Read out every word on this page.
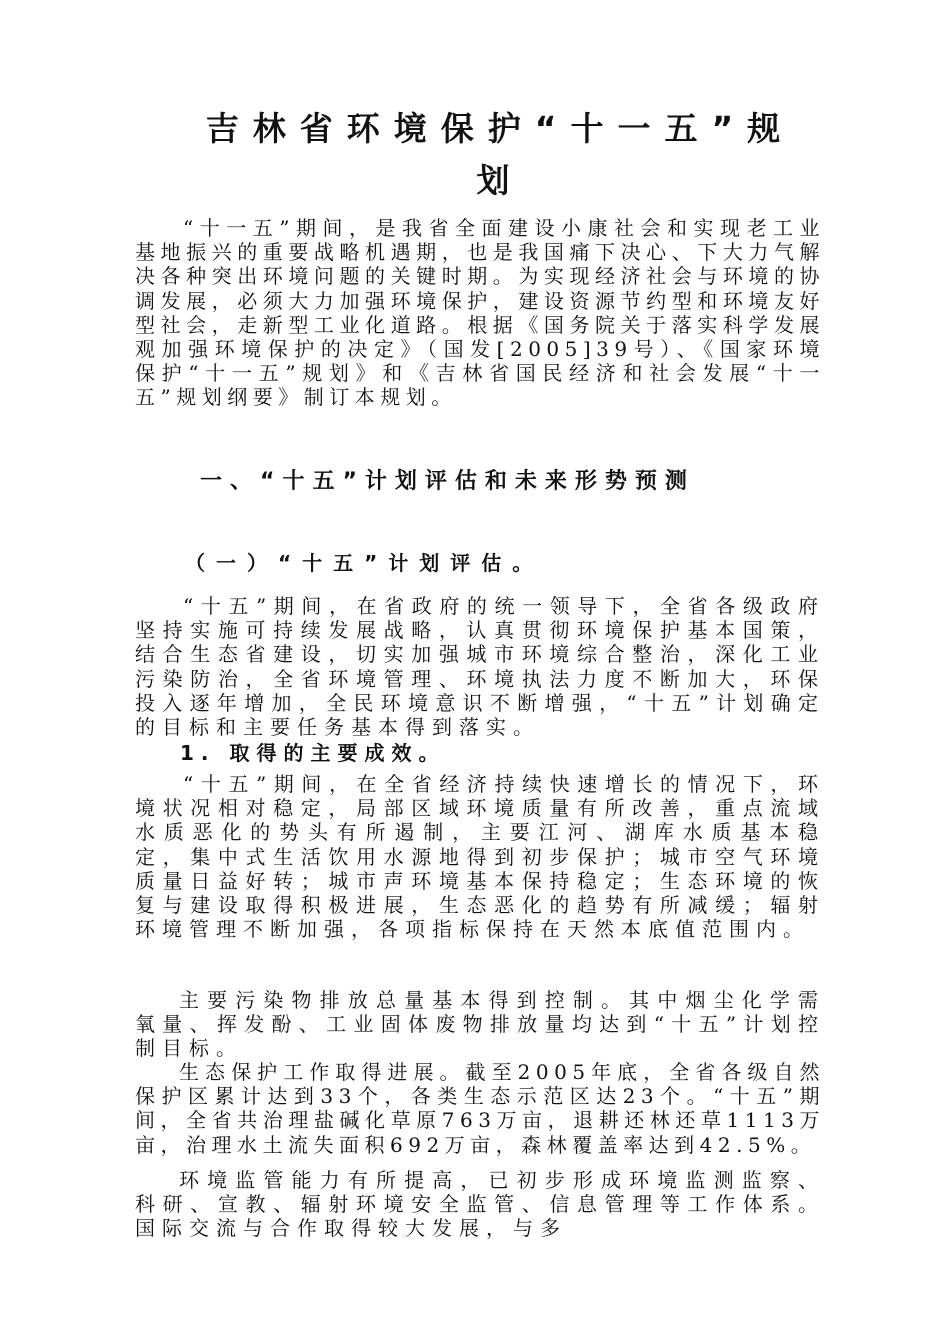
吉林省环境保护“十一五”规
划

“十一五”期间，是我省全面建设小康社会和实现老工业基地振兴的重要战略机遇期，也是我国痛下决心、下大力气解决各种突出环境问题的关键时期。为实现经济社会与环境的协调发展，必须大力加强环境保护，建设资源节约型和环境友好型社会，走新型工业化道路。根据《国务院关于落实科学发展观加强环境保护的决定》（国发[2005]39号）、《国家环境保护“十一五”规划》和《吉林省国民经济和社会发展“十一五”规划纲要》制订本规划。

一、“十五”计划评估和未来形势预测
（一）“十五”计划评估。

“十五”期间，在省政府的统一领导下，全省各级政府坚持实施可持续发展战略，认真贯彻环境保护基本国策，结合生态省建设，切实加强城市环境综合整治，深化工业污染防治，全省环境管理、环境执法力度不断加大，环保投入逐年增加，全民环境意识不断增强，“十五”计划确定的目标和主要任务基本得到落实。

1. 取得的主要成效。

“十五”期间，在全省经济持续快速增长的情况下，环境状况相对稳定，局部区域环境质量有所改善，重点流域水质恶化的势头有所遏制，主要江河、湖库水质基本稳定，集中式生活饮用水源地得到初步保护；城市空气环境质量日益好转；城市声环境基本保持稳定；生态环境的恢复与建设取得积极进展，生态恶化的趋势有所减缓；辐射环境管理不断加强，各项指标保持在天然本底值范围内。

主要污染物排放总量基本得到控制。其中烟尘化学需氧量、挥发酚、工业固体废物排放量均达到“十五”计划控制目标。

生态保护工作取得进展。截至2005年底，全省各级自然保护区累计达到33个，各类生态示范区达23个。“十五”期间，全省共治理盐碱化草原763万亩，退耕还林还草1113万亩，治理水土流失面积692万亩，森林覆盖率达到42.5%。

环境监管能力有所提高，已初步形成环境监测监察、科研、宣教、辐射环境安全监管、信息管理等工作体系。国际交流与合作取得较大发展，与多
